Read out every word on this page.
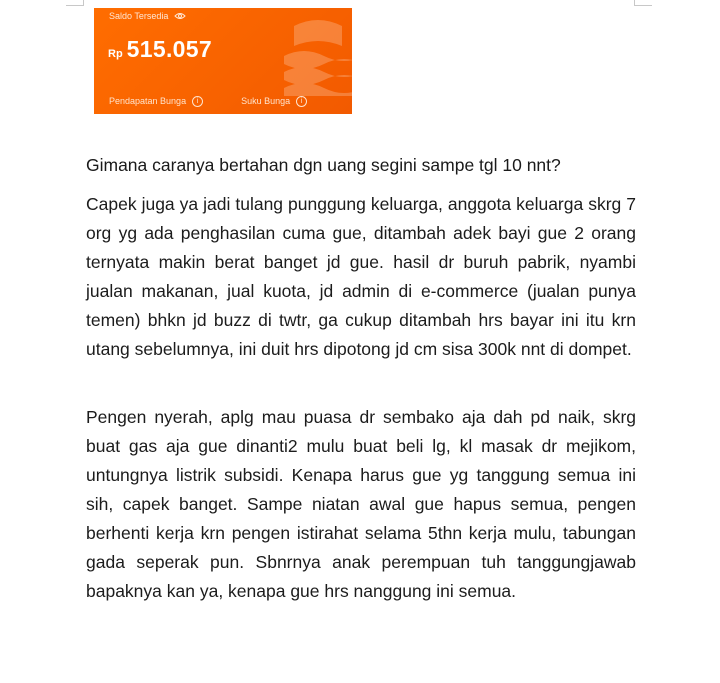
Saldo Tersedia
Rp 515.057
Pendapatan Bunga	i	Suku Bunga	i

Gimana caranya bertahan dgn uang segini sampe tgl 10 nnt?

Capek juga ya jadi tulang punggung keluarga, anggota keluarga skrg 7 org yg ada penghasilan cuma gue, ditambah adek bayi gue 2 orang ternyata makin berat banget jd gue. hasil dr buruh pabrik, nyambi jualan makanan, jual kuota, jd admin di e-commerce (jualan punya temen) bhkn jd buzz di twtr, ga cukup ditambah hrs bayar ini itu krn utang sebelumnya, ini duit hrs dipotong jd cm sisa 300k nnt di dompet.

Pengen nyerah, aplg mau puasa dr sembako aja dah pd naik, skrg buat gas aja gue dinanti2 mulu buat beli lg, kl masak dr mejikom, untungnya listrik subsidi. Kenapa harus gue yg tanggung semua ini sih, capek banget. Sampe niatan awal gue hapus semua, pengen berhenti kerja krn pengen istirahat selama 5thn kerja mulu, tabungan gada seperak pun. Sbnrnya anak perempuan tuh tanggungjawab bapaknya kan ya, kenapa gue hrs nanggung ini semua.
